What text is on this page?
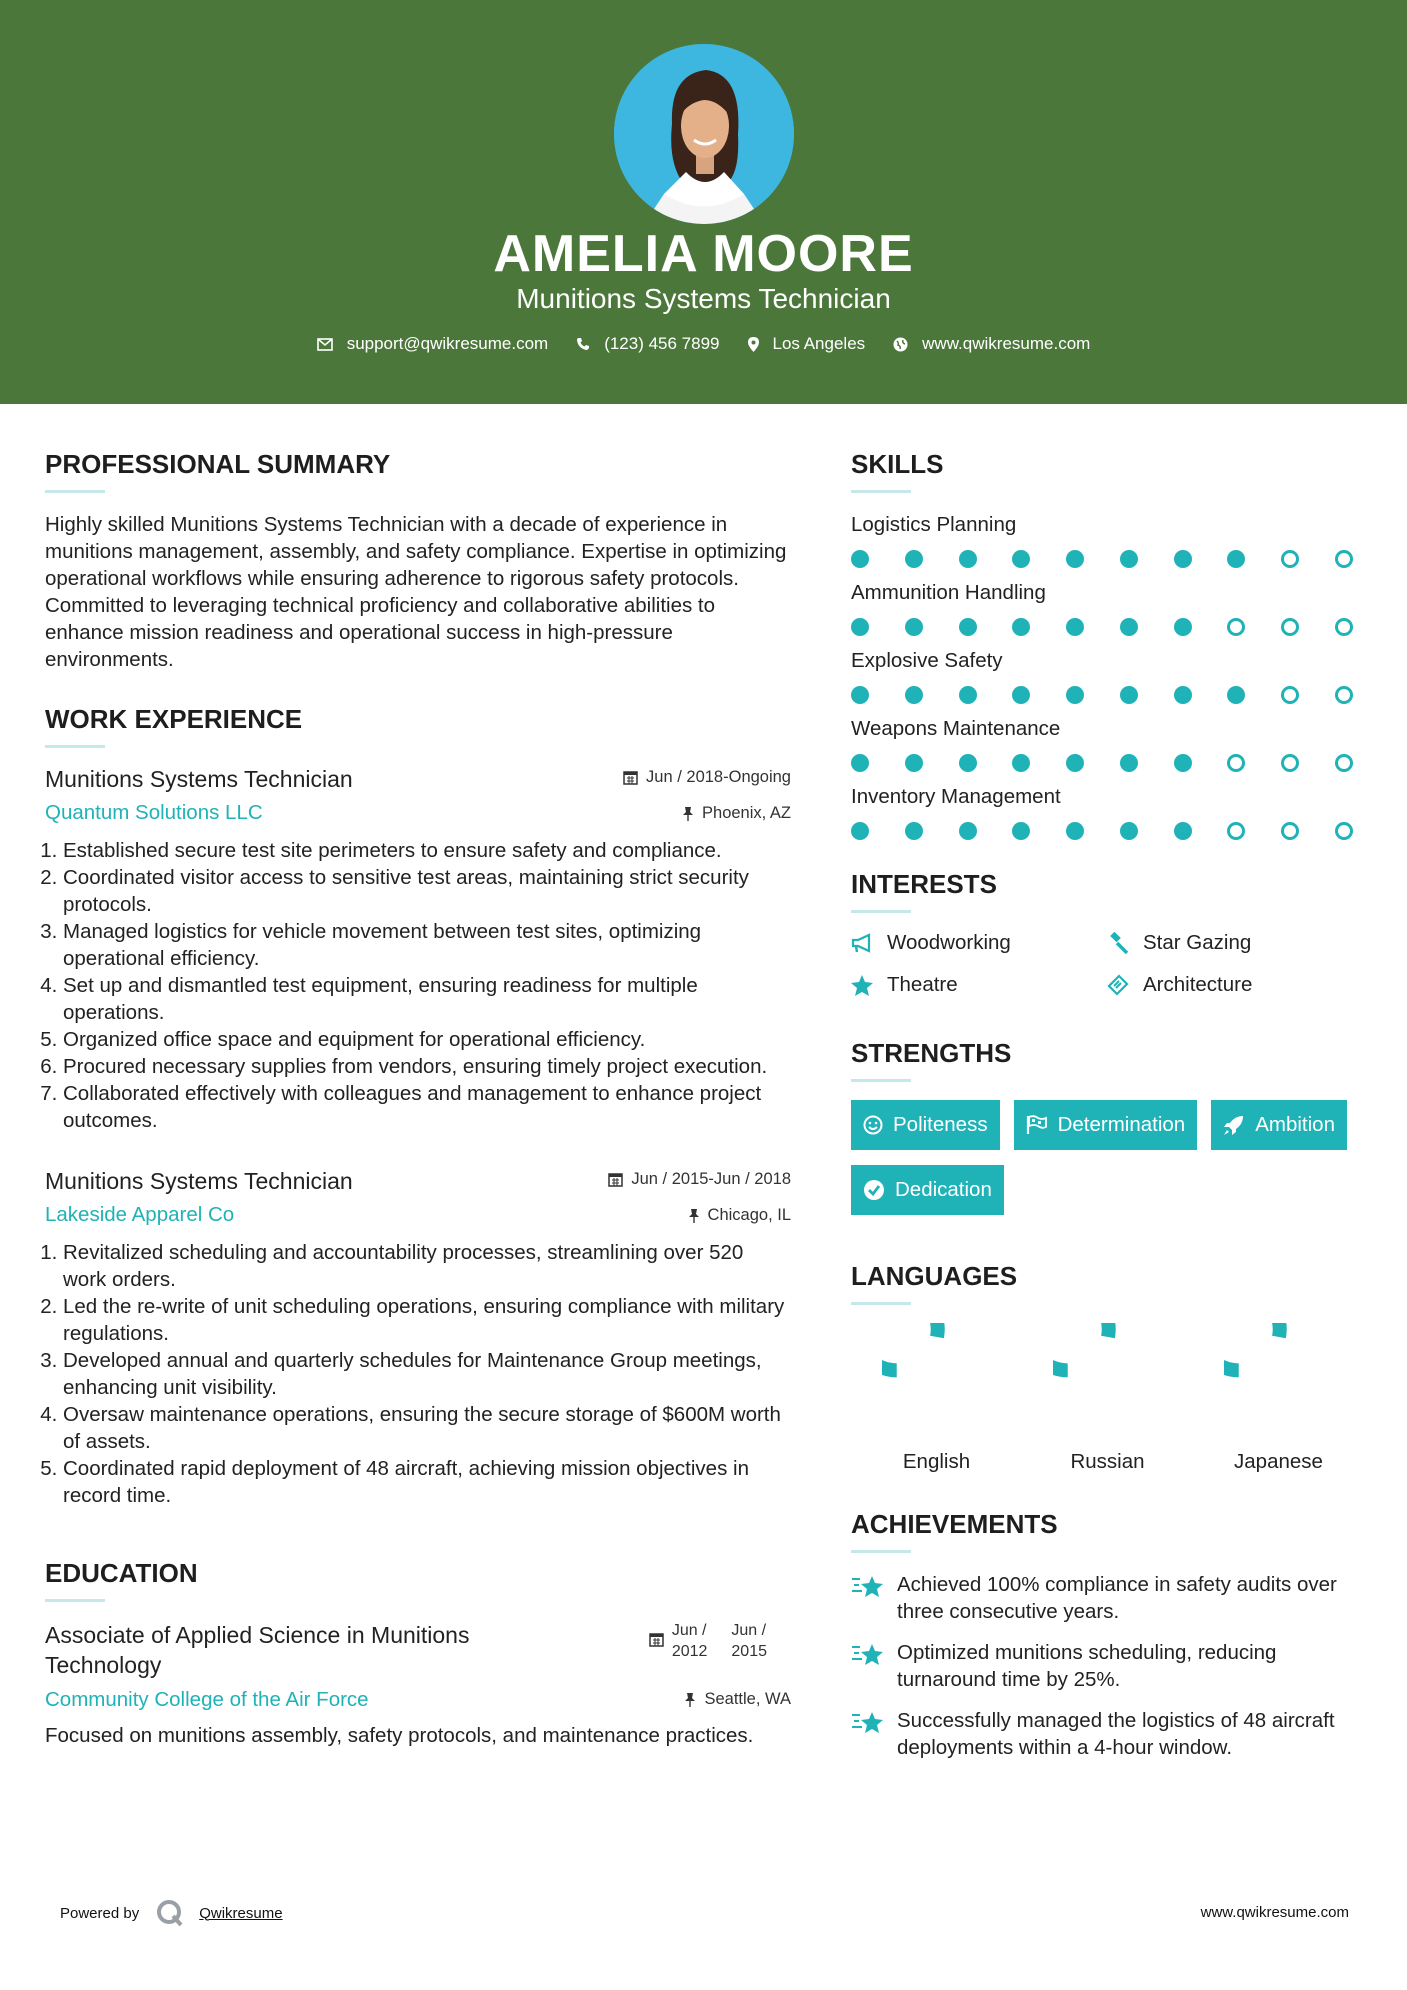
AMELIA MOORE
Munitions Systems Technician
support@qwikresume.com	(123) 456 7899	Los Angeles	www.qwikresume.com
PROFESSIONAL SUMMARY
Highly skilled Munitions Systems Technician with a decade of experience in munitions management, assembly, and safety compliance. Expertise in optimizing operational workflows while ensuring adherence to rigorous safety protocols. Committed to leveraging technical proficiency and collaborative abilities to enhance mission readiness and operational success in high-pressure environments.
WORK EXPERIENCE
Jun / 2018-Ongoing
Phoenix, AZ
Munitions Systems Technician
Quantum Solutions LLC
1. Established secure test site perimeters to ensure safety and compliance.
2. Coordinated visitor access to sensitive test areas, maintaining strict security protocols.
3. Managed logistics for vehicle movement between test sites, optimizing operational efficiency.
4. Set up and dismantled test equipment, ensuring readiness for multiple operations.
5. Organized office space and equipment for operational efficiency.
6. Procured necessary supplies from vendors, ensuring timely project execution.
7. Collaborated effectively with colleagues and management to enhance project outcomes.
Jun / 2015-Jun / 2018
Chicago, IL
Munitions Systems Technician
Lakeside Apparel Co
1. Revitalized scheduling and accountability processes, streamlining over 520 work orders.
2. Led the re-write of unit scheduling operations, ensuring compliance with military regulations.
3. Developed annual and quarterly schedules for Maintenance Group meetings, enhancing unit visibility.
4. Oversaw maintenance operations, ensuring the secure storage of $600M worth of assets.
5. Coordinated rapid deployment of 48 aircraft, achieving mission objectives in record time.
EDUCATION
Jun /
2012
Jun /
2015
Seattle, WA
Associate of Applied Science in Munitions
Technology
Community College of the Air Force
Focused on munitions assembly, safety protocols, and maintenance practices.
SKILLS
Logistics Planning
Ammunition Handling
Explosive Safety
Weapons Maintenance
Inventory Management
INTERESTS
Woodworking	Star Gazing
Theatre	Architecture
STRENGTHS
Politeness	Determination	Ambition
Dedication
LANGUAGES
English	Russian	Japanese
ACHIEVEMENTS
Achieved 100% compliance in safety audits over three consecutive years.
Optimized munitions scheduling, reducing turnaround time by 25%.
Successfully managed the logistics of 48 aircraft deployments within a 4-hour window.
Powered by	Qwikresume	www.qwikresume.com
